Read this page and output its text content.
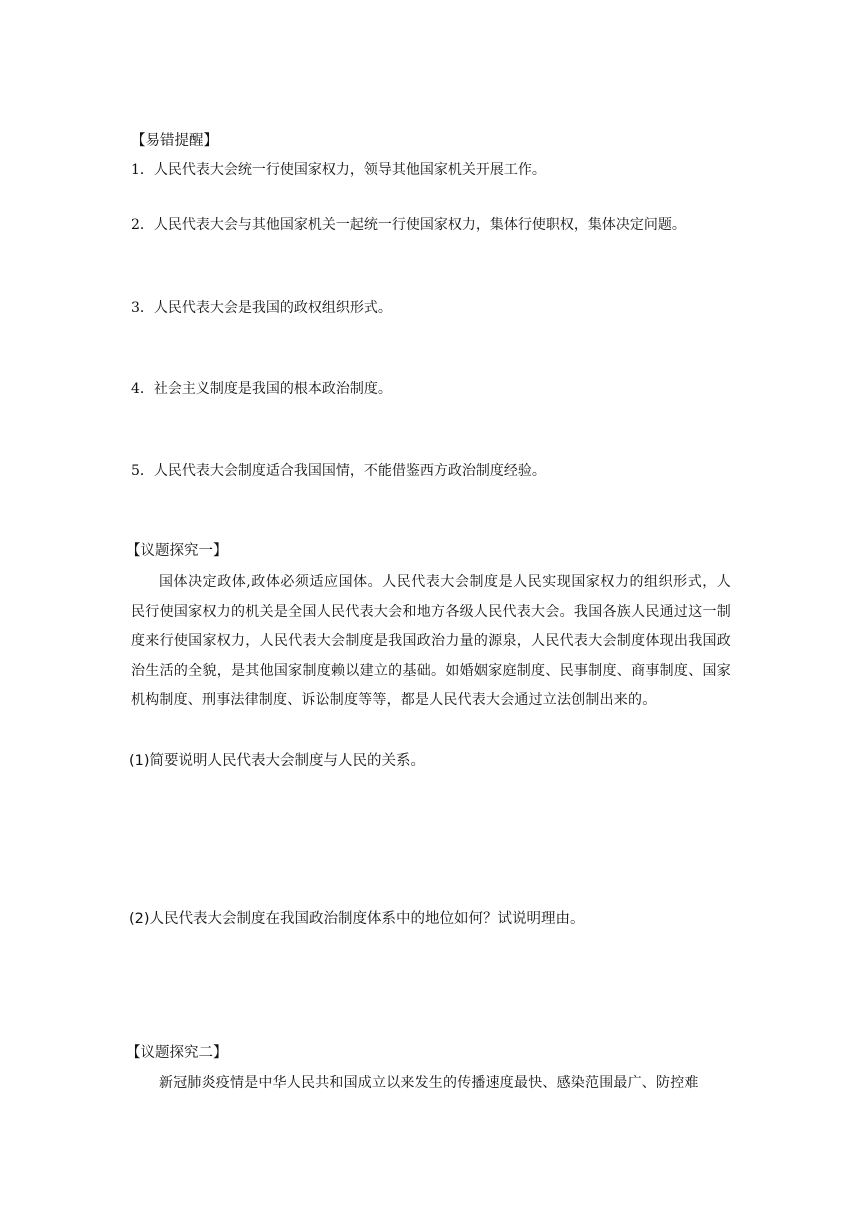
【易错提醒】
1．人民代表大会统一行使国家权力，领导其他国家机关开展工作。
2．人民代表大会与其他国家机关一起统一行使国家权力，集体行使职权，集体决定问题。
3．人民代表大会是我国的政权组织形式。
4．社会主义制度是我国的根本政治制度。
5．人民代表大会制度适合我国国情，不能借鉴西方政治制度经验。
【议题探究一】
国体决定政体,政体必须适应国体。人民代表大会制度是人民实现国家权力的组织形式，人民行使国家权力的机关是全国人民代表大会和地方各级人民代表大会。我国各族人民通过这一制度来行使国家权力，人民代表大会制度是我国政治力量的源泉，人民代表大会制度体现出我国政治生活的全貌，是其他国家制度赖以建立的基础。如婚姻家庭制度、民事制度、商事制度、国家机构制度、刑事法律制度、诉讼制度等等，都是人民代表大会通过立法创制出来的。
(1)简要说明人民代表大会制度与人民的关系。
(2)人民代表大会制度在我国政治制度体系中的地位如何？试说明理由。
【议题探究二】
新冠肺炎疫情是中华人民共和国成立以来发生的传播速度最快、感染范围最广、防控难
